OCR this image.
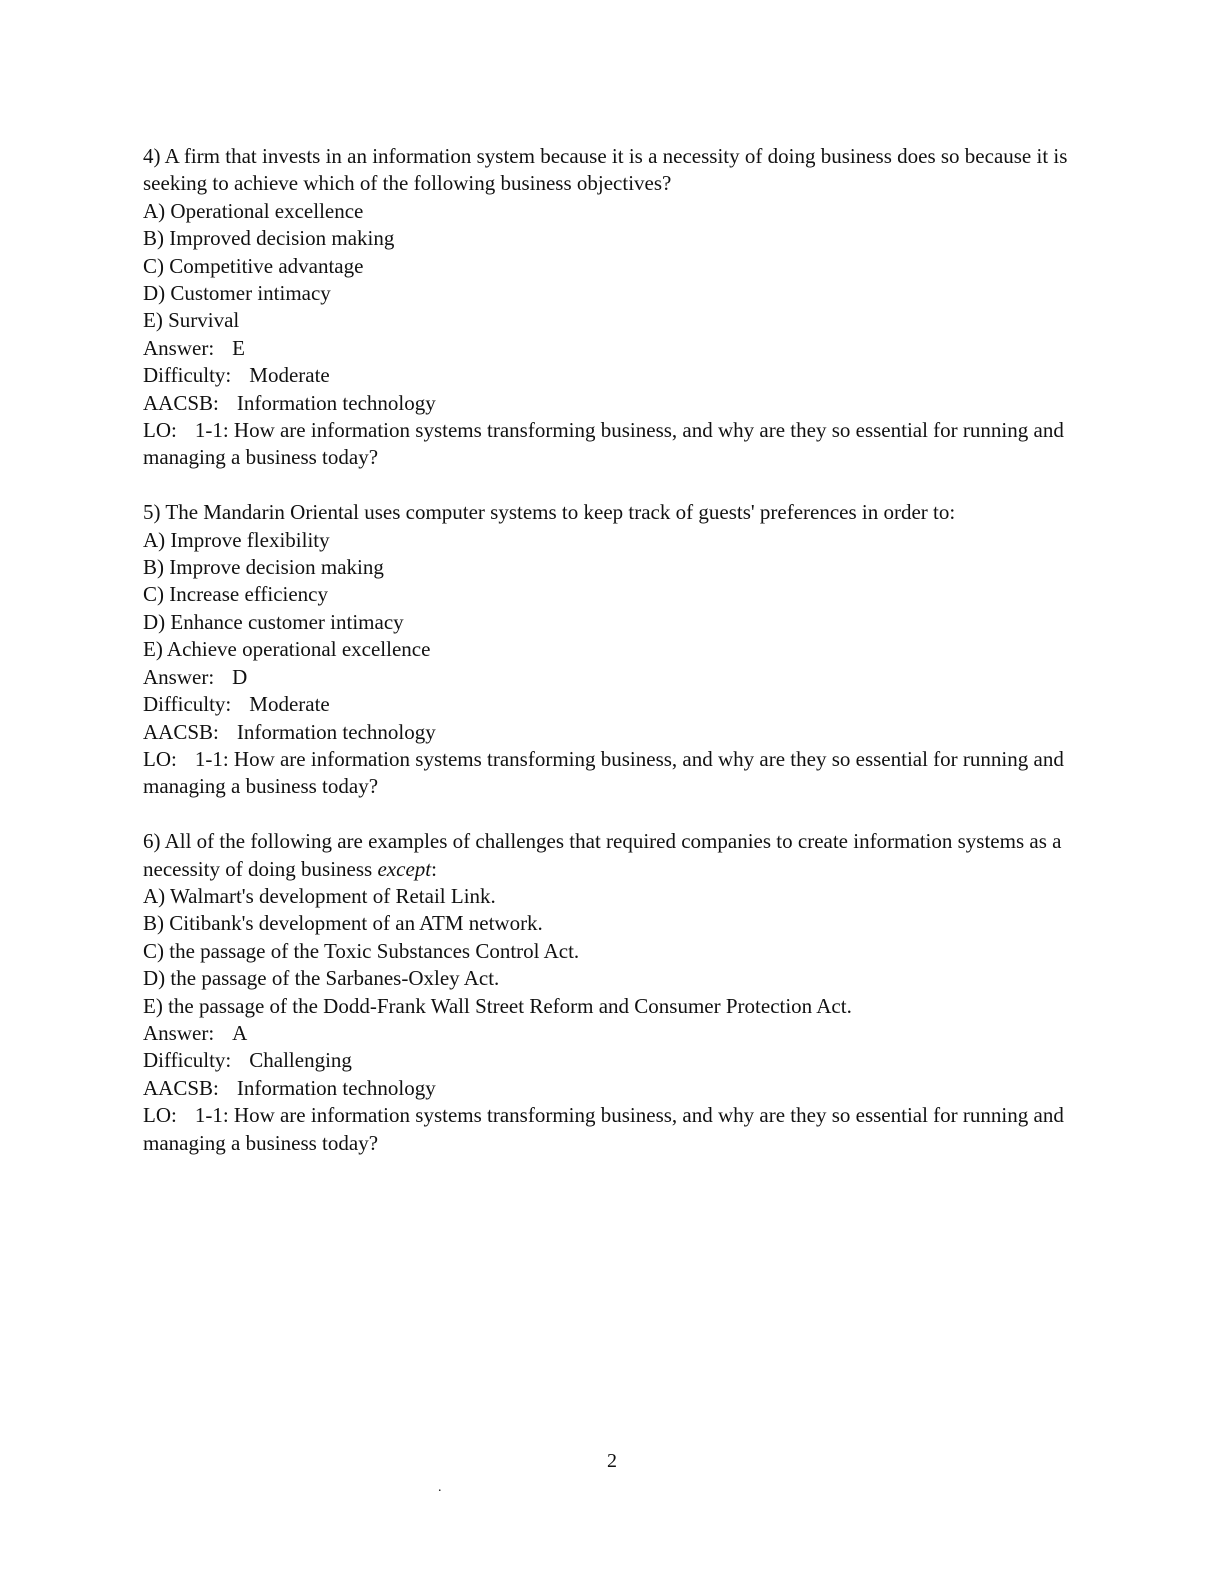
4) A firm that invests in an information system because it is a necessity of doing business does so because it is seeking to achieve which of the following business objectives?
A) Operational excellence
B) Improved decision making
C) Competitive advantage
D) Customer intimacy
E) Survival
Answer: E
Difficulty: Moderate
AACSB: Information technology
LO: 1-1: How are information systems transforming business, and why are they so essential for running and managing a business today?
5) The Mandarin Oriental uses computer systems to keep track of guests' preferences in order to:
A) Improve flexibility
B) Improve decision making
C) Increase efficiency
D) Enhance customer intimacy
E) Achieve operational excellence
Answer: D
Difficulty: Moderate
AACSB: Information technology
LO: 1-1: How are information systems transforming business, and why are they so essential for running and managing a business today?
6) All of the following are examples of challenges that required companies to create information systems as a necessity of doing business except:
A) Walmart's development of Retail Link.
B) Citibank's development of an ATM network.
C) the passage of the Toxic Substances Control Act.
D) the passage of the Sarbanes-Oxley Act.
E) the passage of the Dodd-Frank Wall Street Reform and Consumer Protection Act.
Answer: A
Difficulty: Challenging
AACSB: Information technology
LO: 1-1: How are information systems transforming business, and why are they so essential for running and managing a business today?
2
.
